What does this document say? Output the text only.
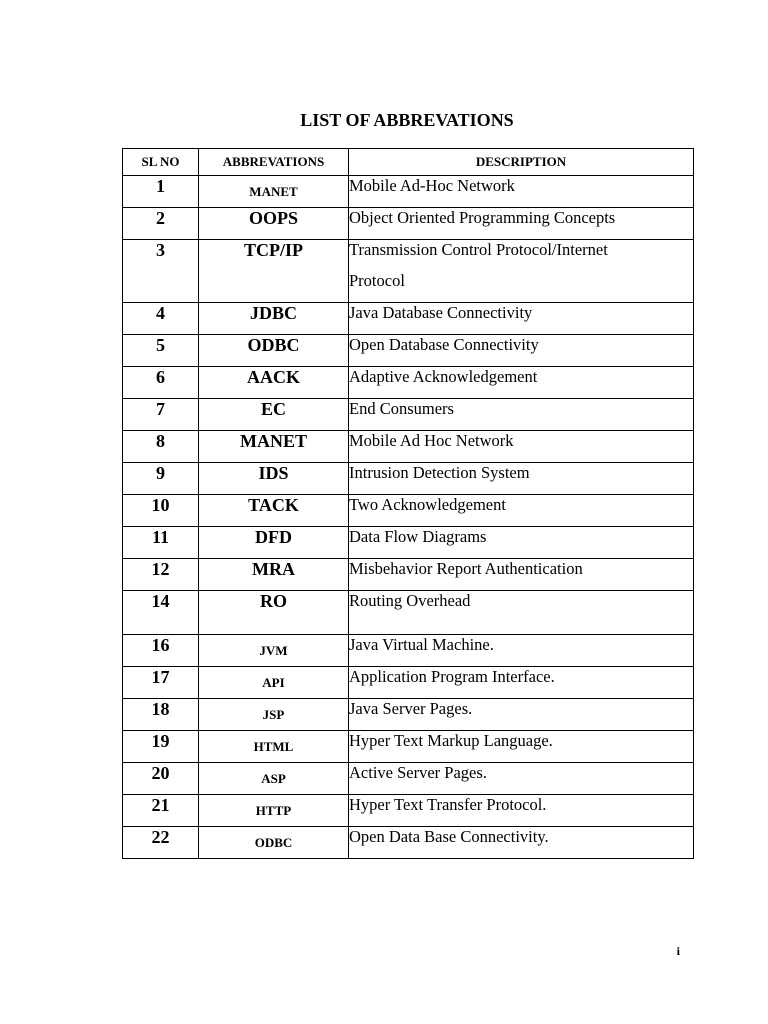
LIST OF ABBREVATIONS
SL NO	ABBREVATIONS	DESCRIPTION
1	MANET	Mobile Ad-Hoc Network

2	OOPS	Object Oriented Programming Concepts

3	TCP/IP	Transmission Control Protocol/Internet
Protocol

4	JDBC	Java Database Connectivity

5	ODBC	Open Database Connectivity

6	AACK	Adaptive Acknowledgement

7	EC	End Consumers

8	MANET	Mobile Ad Hoc Network

9	IDS	Intrusion Detection System

10	TACK	Two Acknowledgement

11	DFD	Data Flow Diagrams

12	MRA	Misbehavior Report Authentication

14	RO	Routing Overhead

16	JVM	Java Virtual Machine.

17	API	Application Program Interface.

18	JSP	Java Server Pages.

19	HTML	Hyper Text Markup Language.

20	ASP	Active Server Pages.

21	HTTP	Hyper Text Transfer Protocol.

22	ODBC	Open Data Base Connectivity.
i
